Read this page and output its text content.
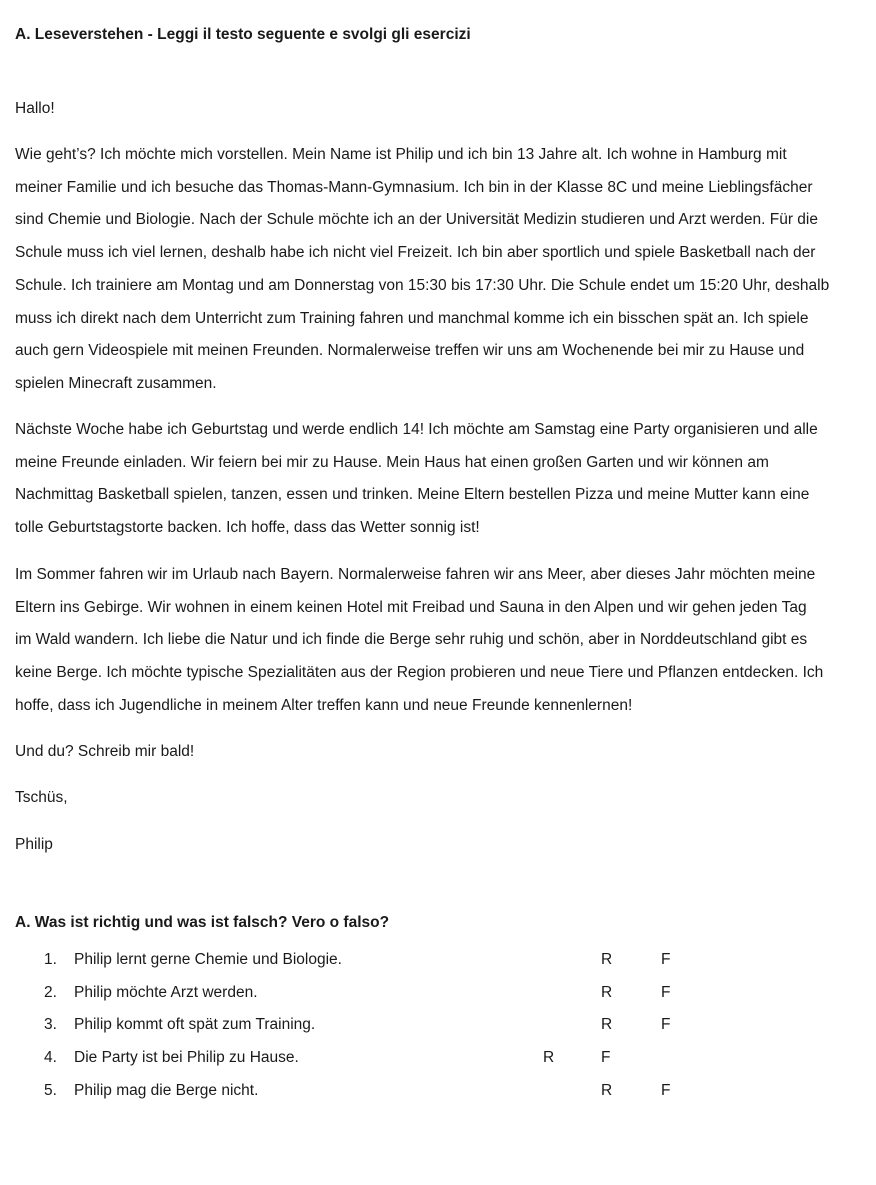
A. Leseverstehen - Leggi il testo seguente e svolgi gli esercizi
Hallo!
Wie geht’s? Ich möchte mich vorstellen. Mein Name ist Philip und ich bin 13 Jahre alt. Ich wohne in Hamburg mit
meiner Familie und ich besuche das Thomas-Mann-Gymnasium. Ich bin in der Klasse 8C und meine Lieblingsfächer
sind Chemie und Biologie. Nach der Schule möchte ich an der Universität Medizin studieren und Arzt werden. Für die
Schule muss ich viel lernen, deshalb habe ich nicht viel Freizeit. Ich bin aber sportlich und spiele Basketball nach der
Schule. Ich trainiere am Montag und am Donnerstag von 15:30 bis 17:30 Uhr. Die Schule endet um 15:20 Uhr, deshalb
muss ich direkt nach dem Unterricht zum Training fahren und manchmal komme ich ein bisschen spät an. Ich spiele
auch gern Videospiele mit meinen Freunden. Normalerweise treffen wir uns am Wochenende bei mir zu Hause und
spielen Minecraft zusammen.
Nächste Woche habe ich Geburtstag und werde endlich 14! Ich möchte am Samstag eine Party organisieren und alle
meine Freunde einladen. Wir feiern bei mir zu Hause. Mein Haus hat einen großen Garten und wir können am
Nachmittag Basketball spielen, tanzen, essen und trinken. Meine Eltern bestellen Pizza und meine Mutter kann eine
tolle Geburtstagstorte backen. Ich hoffe, dass das Wetter sonnig ist!
Im Sommer fahren wir im Urlaub nach Bayern. Normalerweise fahren wir ans Meer, aber dieses Jahr möchten meine
Eltern ins Gebirge. Wir wohnen in einem keinen Hotel mit Freibad und Sauna in den Alpen und wir gehen jeden Tag
im Wald wandern. Ich liebe die Natur und ich finde die Berge sehr ruhig und schön, aber in Norddeutschland gibt es
keine Berge. Ich möchte typische Spezialitäten aus der Region probieren und neue Tiere und Pflanzen entdecken. Ich
hoffe, dass ich Jugendliche in meinem Alter treffen kann und neue Freunde kennenlernen!
Und du? Schreib mir bald!
Tschüs,
Philip
A. Was ist richtig und was ist falsch? Vero o falso?
1. Philip lernt gerne Chemie und Biologie.	R	F
2. Philip möchte Arzt werden.	R	F
3. Philip kommt oft spät zum Training.	R	F
4. Die Party ist bei Philip zu Hause.	R	F
5. Philip mag die Berge nicht.	R	F
